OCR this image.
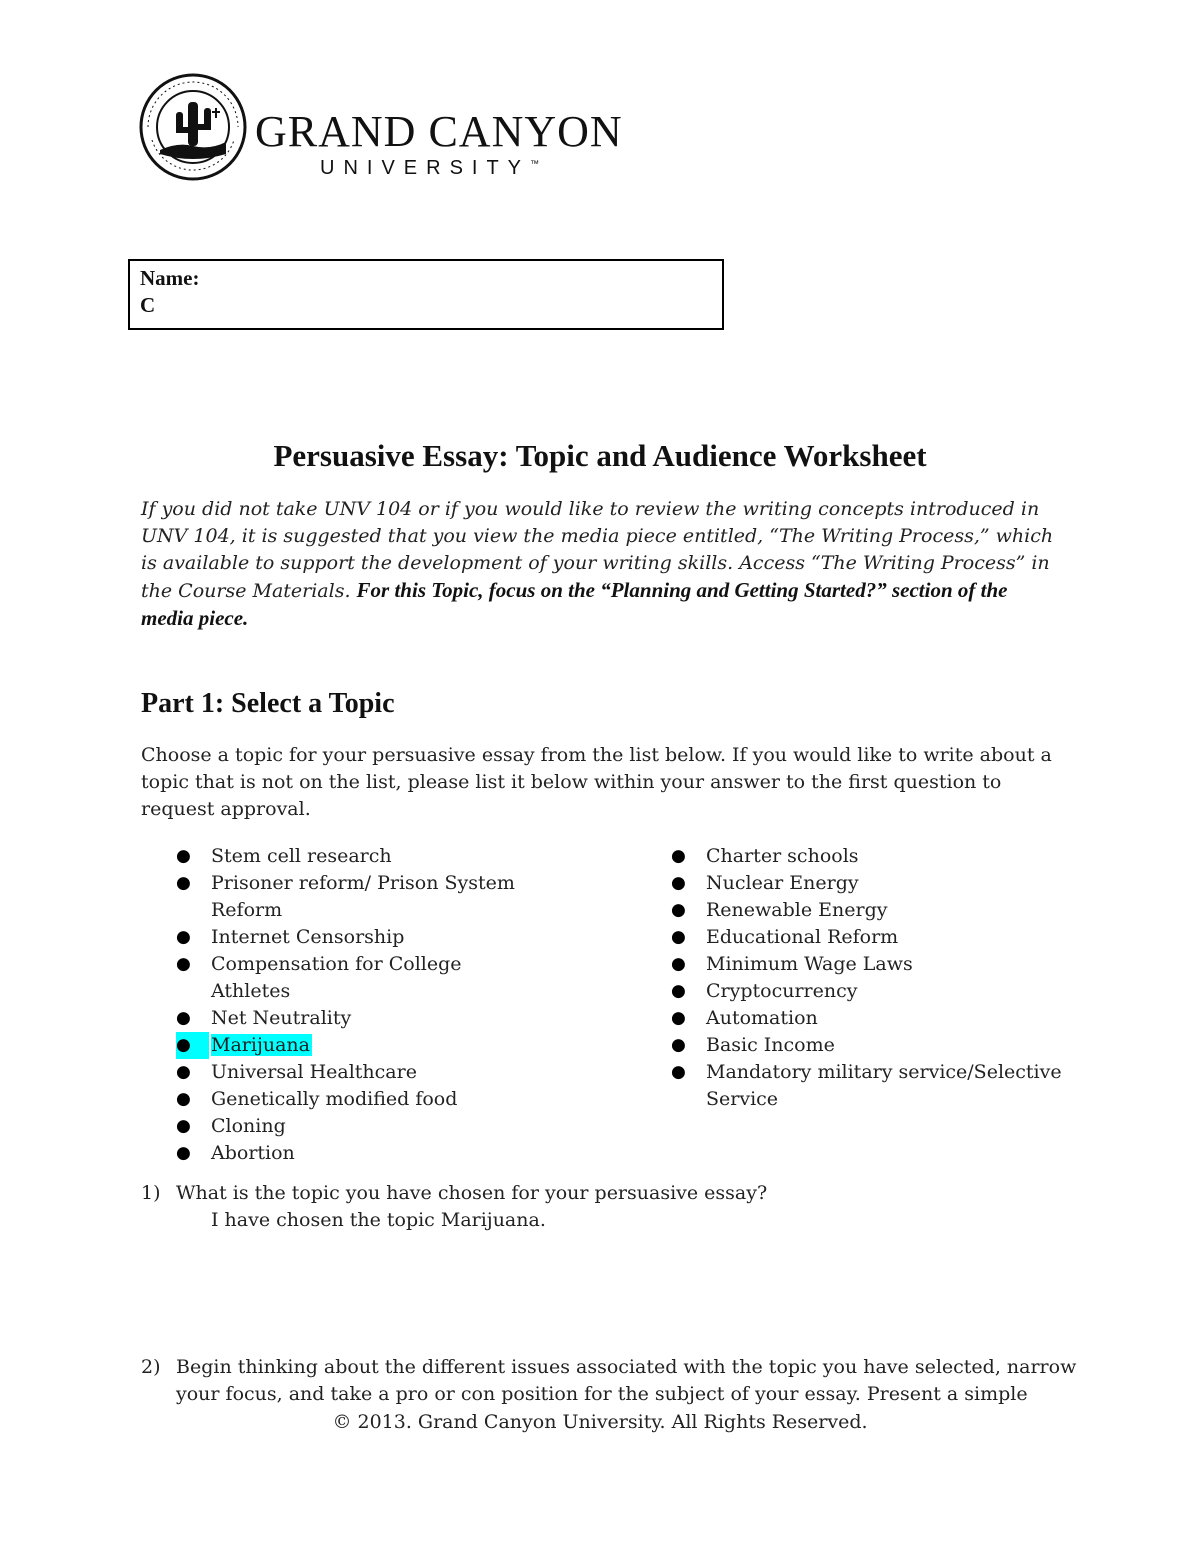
GRAND CANYON
UNIVERSITY™
Name:
C
Persuasive Essay: Topic and Audience Worksheet
If you did not take UNV 104 or if you would like to review the writing concepts introduced in UNV 104, it is suggested that you view the media piece entitled, “The Writing Process,” which is available to support the development of your writing skills. Access “The Writing Process” in the Course Materials. For this Topic, focus on the “Planning and Getting Started?” section of the media piece.
Part 1: Select a Topic
Choose a topic for your persuasive essay from the list below. If you would like to write about a topic that is not on the list, please list it below within your answer to the first question to request approval.
● Stem cell research
● Prisoner reform/ Prison System Reform
● Internet Censorship
● Compensation for College Athletes
● Net Neutrality
●	Marijuana
● Universal Healthcare
● Genetically modified food
● Cloning
● Abortion
● Charter schools
● Nuclear Energy
● Renewable Energy
● Educational Reform
● Minimum Wage Laws
● Cryptocurrency
● Automation
● Basic Income
● Mandatory military service/Selective Service
1) What is the topic you have chosen for your persuasive essay?
I have chosen the topic Marijuana.
2) Begin thinking about the different issues associated with the topic you have selected, narrow your focus, and take a pro or con position for the subject of your essay. Present a simple
© 2013. Grand Canyon University. All Rights Reserved.
